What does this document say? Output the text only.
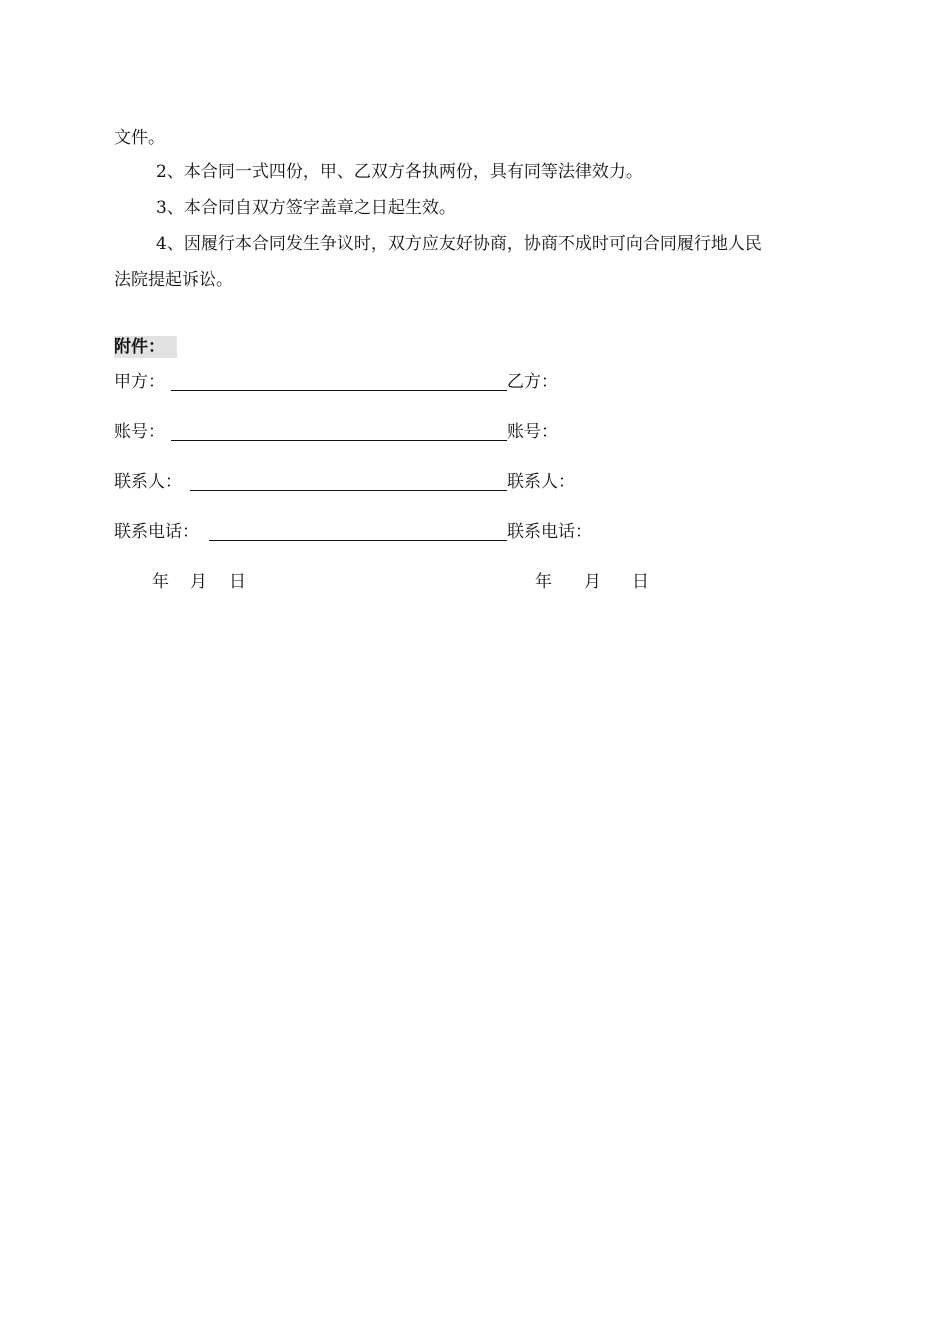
文件。
2、本合同一式四份，甲、乙双方各执两份，具有同等法律效力。
3、本合同自双方签字盖章之日起生效。
4、因履行本合同发生争议时，双方应友好协商，协商不成时可向合同履行地人民
法院提起诉讼。
附件：
甲方：	乙方：
账号：	账号：
联系人：	联系人：
联系电话：	联系电话：
年 月 日	年 月 日
